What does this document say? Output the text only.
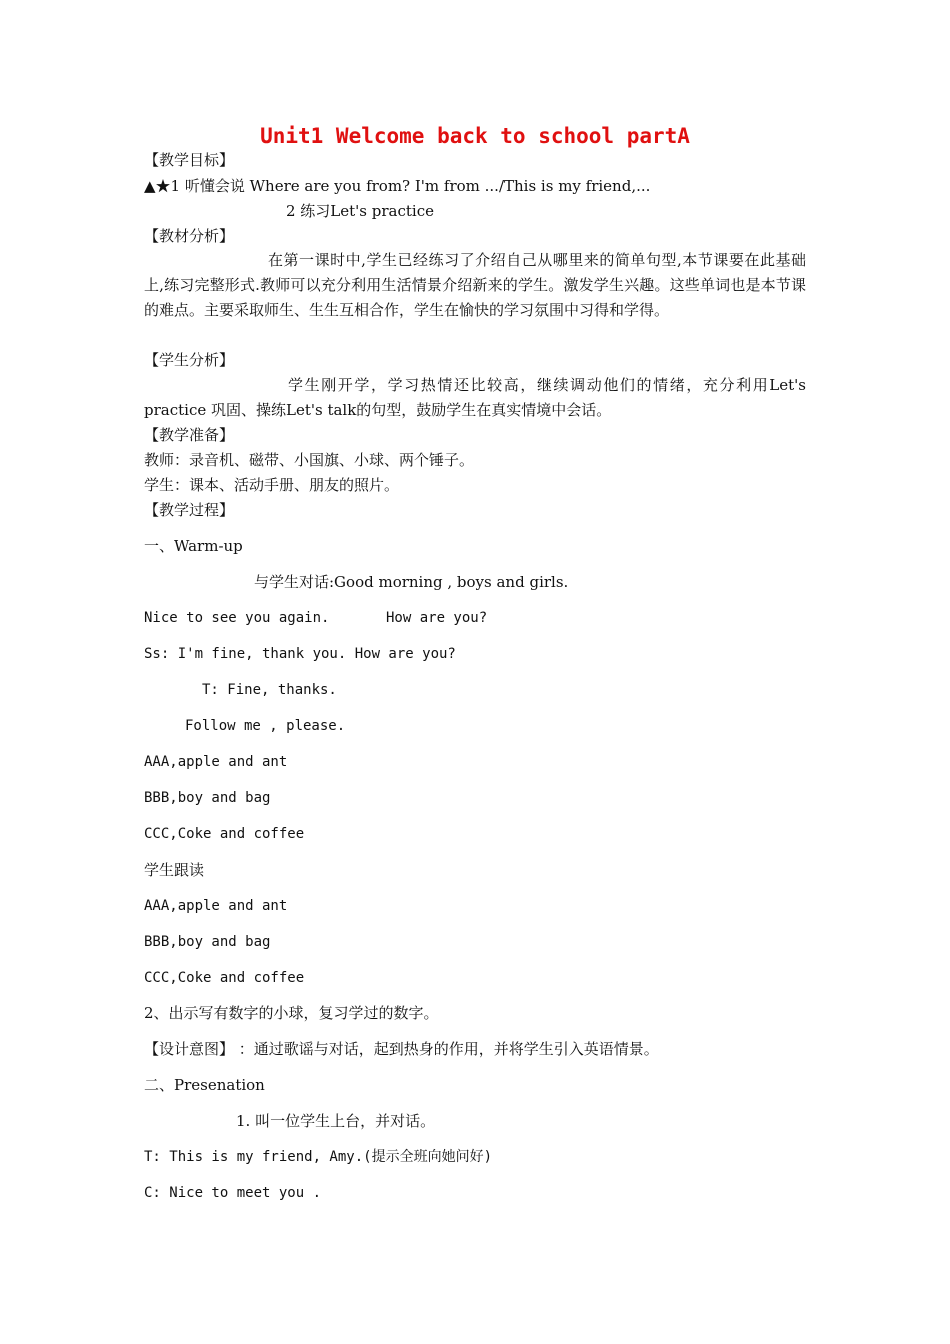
Unit1 Welcome back to school partA
【教学目标】
▲★1 听懂会说 Where are you from? I'm from .../This is my friend,...
2 练习Let's practice
【教材分析】
在第一课时中,学生已经练习了介绍自己从哪里来的简单句型,本节课要在此基础上,练习完整形式.教师可以充分利用生活情景介绍新来的学生。激发学生兴趣。这些单词也是本节课的难点。主要采取师生、生生互相合作，学生在愉快的学习氛围中习得和学得。
【学生分析】
学生刚开学，学习热情还比较高，继续调动他们的情绪，充分利用Let's practice 巩固、操练Let's talk的句型，鼓励学生在真实情境中会话。
【教学准备】
教师：录音机、磁带、小国旗、小球、两个锤子。
学生：课本、活动手册、朋友的照片。
【教学过程】
一、Warm-up
与学生对话:Good morning , boys and girls.
Nice to see you again.	How are you?
Ss: I'm fine, thank you. How are you?
T: Fine, thanks.
Follow me , please.
AAA,apple and ant
BBB,boy and bag
CCC,Coke and coffee
学生跟读
AAA,apple and ant
BBB,boy and bag
CCC,Coke and coffee
2、出示写有数字的小球，复习学过的数字。
【设计意图】 ：通过歌谣与对话，起到热身的作用，并将学生引入英语情景。
二、Presenation
1. 叫一位学生上台，并对话。
T: This is my friend, Amy.(提示全班向她问好)
C: Nice to meet you .
